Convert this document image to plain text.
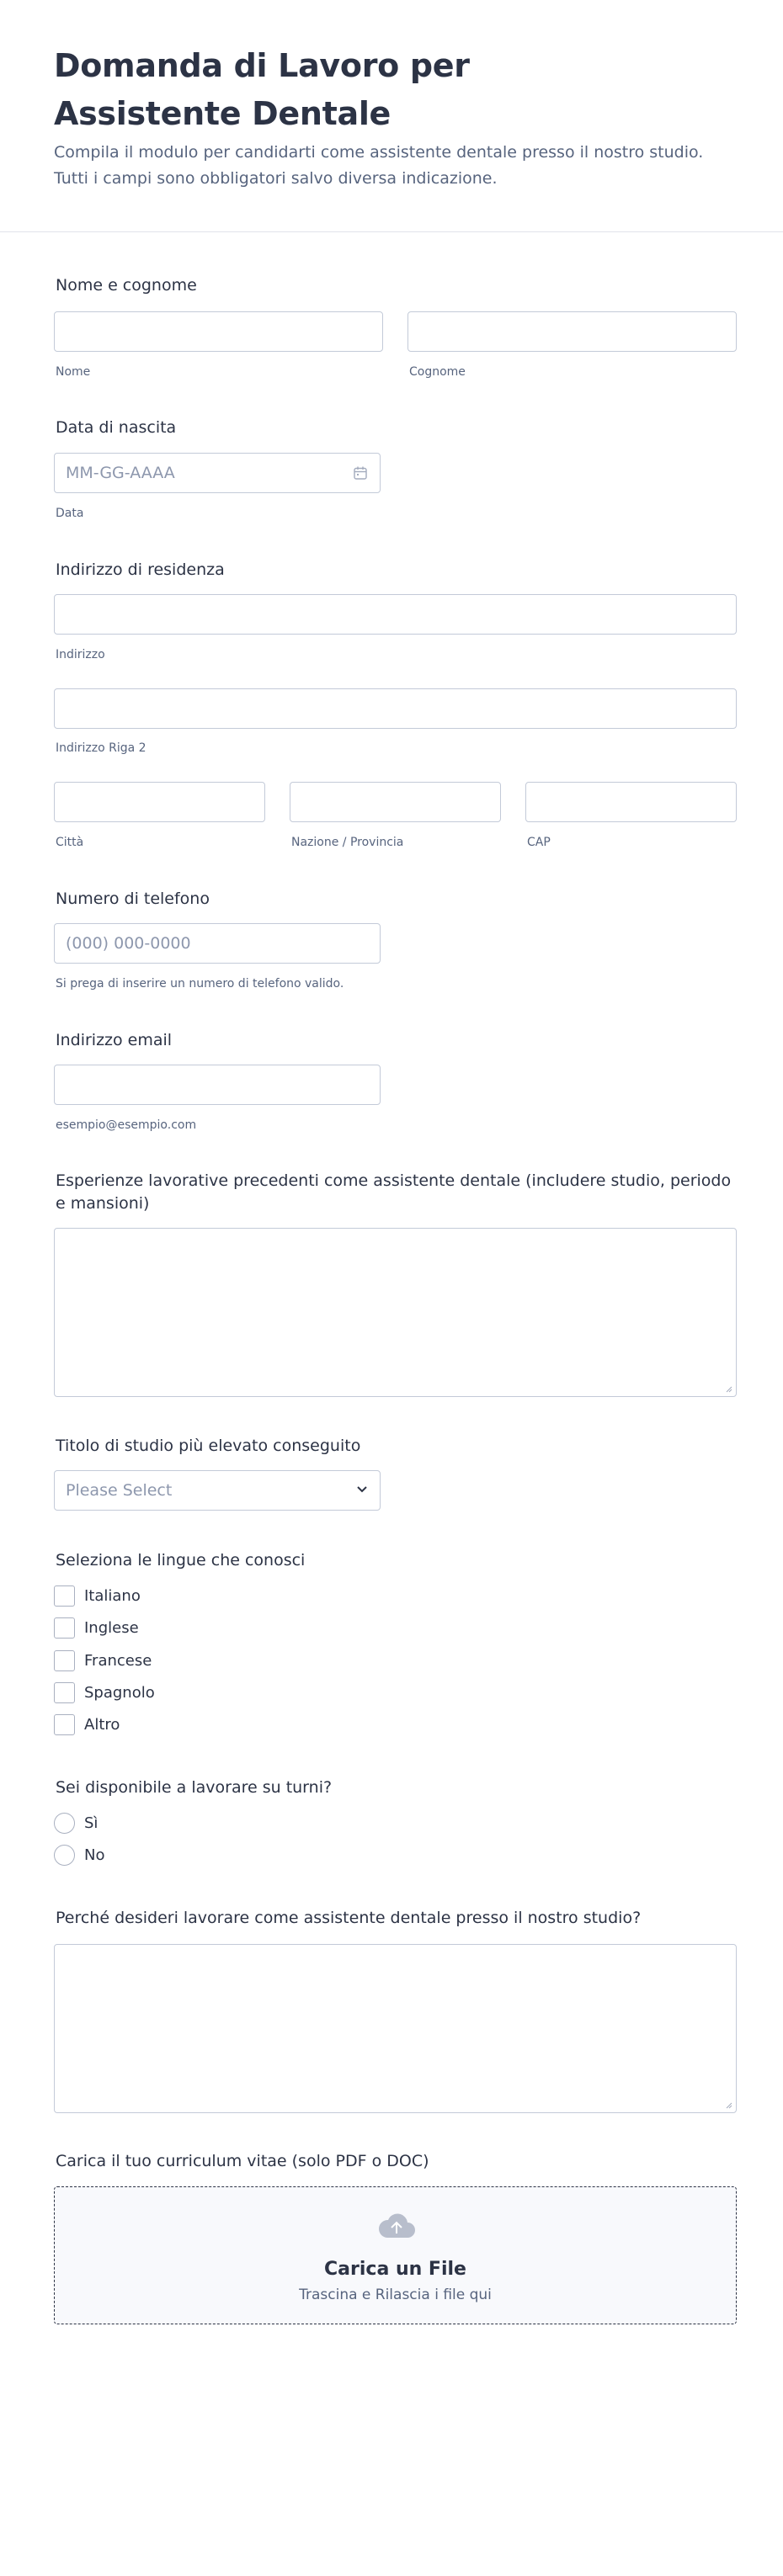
Domanda di Lavoro per Assistente Dentale

Compila il modulo per candidarti come assistente dentale presso il nostro studio. Tutti i campi sono obbligatori salvo diversa indicazione.

Nome e cognome
Nome	Cognome
Data di nascita
MM-GG-AAAA
Data
Indirizzo di residenza
Indirizzo
Indirizzo Riga 2
Città	Nazione / Provincia	CAP
Numero di telefono
(000) 000-0000
Si prega di inserire un numero di telefono valido.
Indirizzo email
esempio@esempio.com
Esperienze lavorative precedenti come assistente dentale (includere studio, periodo e mansioni)
Titolo di studio più elevato conseguito
Please Select
Seleziona le lingue che conosci
Italiano
Inglese
Francese
Spagnolo
Altro
Sei disponibile a lavorare su turni?
Sì
No
Perché desideri lavorare come assistente dentale presso il nostro studio?
Carica il tuo curriculum vitae (solo PDF o DOC)
Carica un File
Trascina e Rilascia i file qui
